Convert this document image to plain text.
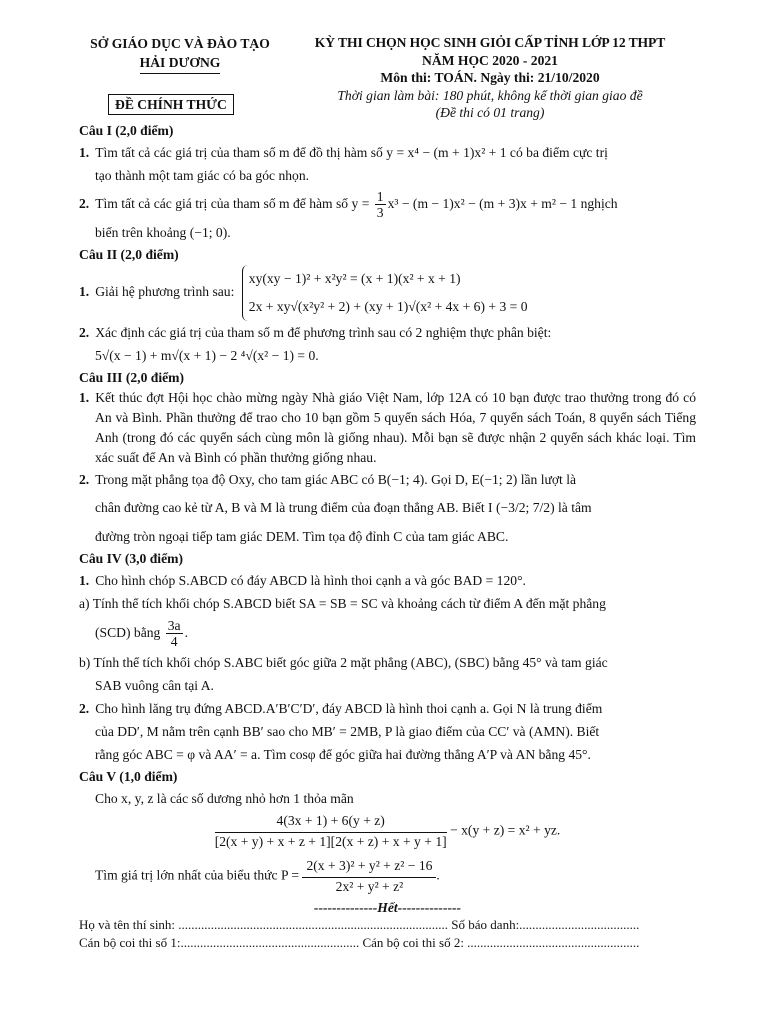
SỞ GIÁO DỤC VÀ ĐÀO TẠO
HẢI DƯƠNG
KỲ THI CHỌN HỌC SINH GIỎI CẤP TỈNH LỚP 12 THPT
NĂM HỌC 2020 - 2021
Môn thi: TOÁN. Ngày thi: 21/10/2020
Thời gian làm bài: 180 phút, không kể thời gian giao đề
(Đề thi có 01 trang)
ĐỀ CHÍNH THỨC
Câu I (2,0 điểm)

1. Tìm tất cả các giá trị của tham số m để đồ thị hàm số y = x⁴ − (m + 1)x² + 1 có ba điểm cực trị

tạo thành một tam giác có ba góc nhọn.

2. Tìm tất cả các giá trị của tham số m để hàm số $y = \frac{1}{3} x^3 - (m - 1)x^2 - (m + 3)x + m^2 - 1$ nghịch

biến trên khoảng (−1; 0).

Câu II (2,0 điểm)

1. Giải hệ phương trình sau:
xy(xy − 1)² + x²y² = (x + 1)(x² + x + 1)
2x + xy√(x²y² + 2) + (xy + 1)√(x² + 4x + 6) + 3 = 0

2. Xác định các giá trị của tham số m để phương trình sau có 2 nghiệm thực phân biệt:

5√(x − 1) + m√(x + 1) − 2 ⁴√(x² − 1) = 0.

Câu III (2,0 điểm)

1. Kết thúc đợt Hội học chào mừng ngày Nhà giáo Việt Nam, lớp 12A có 10 bạn được trao thưởng trong đó có An và Bình. Phần thưởng để trao cho 10 bạn gồm 5 quyển sách Hóa, 7 quyển sách Toán, 8 quyển sách Tiếng Anh (trong đó các quyển sách cùng môn là giống nhau). Mỗi bạn sẽ được nhận 2 quyển sách khác loại. Tìm xác suất để An và Bình có phần thưởng giống nhau.

2. Trong mặt phẳng tọa độ Oxy, cho tam giác ABC có B(−1; 4). Gọi D, E(−1; 2) lần lượt là

chân đường cao kẻ từ A, B và M là trung điểm của đoạn thẳng AB. Biết I (−3/2; 7/2) là tâm

đường tròn ngoại tiếp tam giác DEM. Tìm tọa độ đỉnh C của tam giác ABC.

Câu IV (3,0 điểm)

1. Cho hình chóp S.ABCD có đáy ABCD là hình thoi cạnh a và góc BAD = 120°.

a) Tính thể tích khối chóp S.ABCD biết SA = SB = SC và khoảng cách từ điểm A đến mặt phẳng

(SCD) bằng $\frac{3a}{4}$ .

b) Tính thể tích khối chóp S.ABC biết góc giữa 2 mặt phẳng (ABC), (SBC) bằng 45° và tam giác

SAB vuông cân tại A.

2. Cho hình lăng trụ đứng ABCD.A′B′C′D′, đáy ABCD là hình thoi cạnh a. Gọi N là trung điểm

của DD′, M nằm trên cạnh BB′ sao cho MB′ = 2MB, P là giao điểm của CC′ và (AMN). Biết

rằng góc ABC = φ và AA′ = a. Tìm cosφ để góc giữa hai đường thẳng A′P và AN bằng 45°.

Câu V (1,0 điểm)

Cho x, y, z là các số dương nhỏ hơn 1 thỏa mãn

$\frac{4(3x + 1) + 6(y + z)}{[2(x + y) + x + z + 1][2(x + z) + x + y + 1]} - x(y + z) = x^2$ + yz.

Tìm giá trị lớn nhất của biểu thức $P = \frac{\text{2(x + 3)² + y² + z² − 16}}{\text{2x² + y² + z²}}$ .

--------------Hết--------------
Họ và tên thí sinh: ................................................................................... Số báo danh:.....................................
Cán bộ coi thi số 1:....................................................... Cán bộ coi thi số 2: .....................................................
